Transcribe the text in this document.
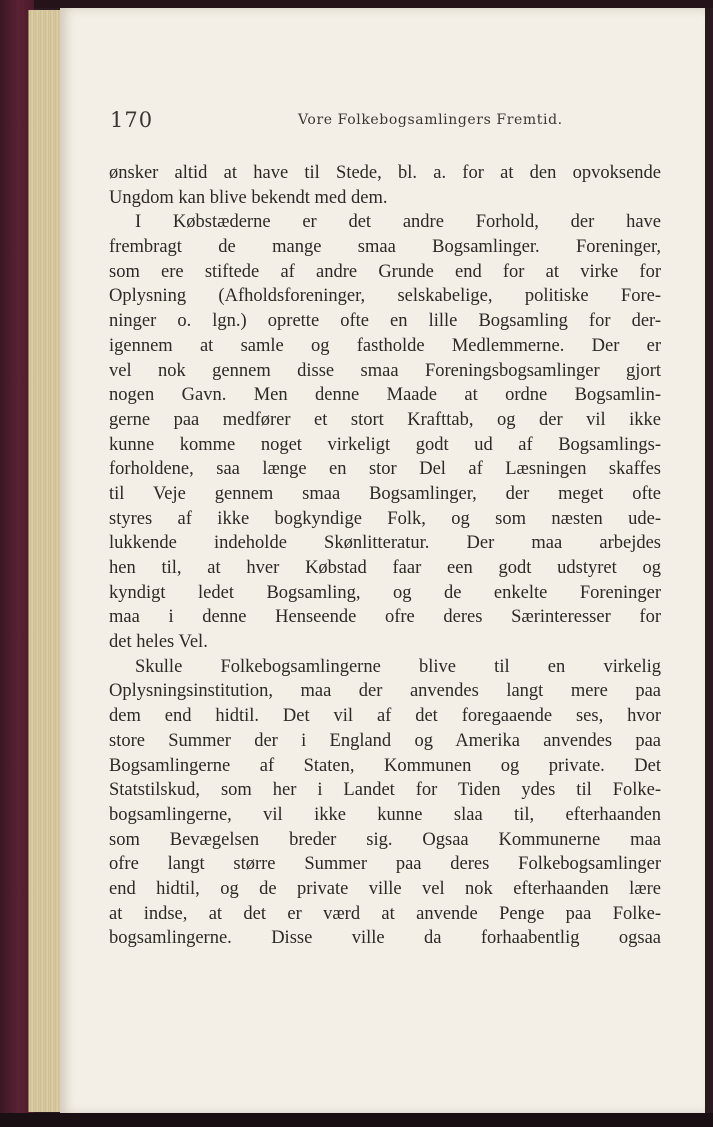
170	Vore Folkebogsamlingers Fremtid.
ønsker altid at have til Stede, bl. a. for at den opvoksende
Ungdom kan blive bekendt med dem.
I Købstæderne er det andre Forhold, der have
frembragt de mange smaa Bogsamlinger. Foreninger,
som ere stiftede af andre Grunde end for at virke for
Oplysning (Afholdsforeninger, selskabelige, politiske Fore-
ninger o. lgn.) oprette ofte en lille Bogsamling for der-
igennem at samle og fastholde Medlemmerne. Der er
vel nok gennem disse smaa Foreningsbogsamlinger gjort
nogen Gavn. Men denne Maade at ordne Bogsamlin-
gerne paa medfører et stort Krafttab, og der vil ikke
kunne komme noget virkeligt godt ud af Bogsamlings-
forholdene, saa længe en stor Del af Læsningen skaffes
til Veje gennem smaa Bogsamlinger, der meget ofte
styres af ikke bogkyndige Folk, og som næsten ude-
lukkende indeholde Skønlitteratur. Der maa arbejdes
hen til, at hver Købstad faar een godt udstyret og
kyndigt ledet Bogsamling, og de enkelte Foreninger
maa i denne Henseende ofre deres Særinteresser for
det heles Vel.
Skulle Folkebogsamlingerne blive til en virkelig
Oplysningsinstitution, maa der anvendes langt mere paa
dem end hidtil. Det vil af det foregaaende ses, hvor
store Summer der i England og Amerika anvendes paa
Bogsamlingerne af Staten, Kommunen og private. Det
Statstilskud, som her i Landet for Tiden ydes til Folke-
bogsamlingerne, vil ikke kunne slaa til, efterhaanden
som Bevægelsen breder sig. Ogsaa Kommunerne maa
ofre langt større Summer paa deres Folkebogsamlinger
end hidtil, og de private ville vel nok efterhaanden lære
at indse, at det er værd at anvende Penge paa Folke-
bogsamlingerne. Disse ville da forhaabentlig ogsaa
